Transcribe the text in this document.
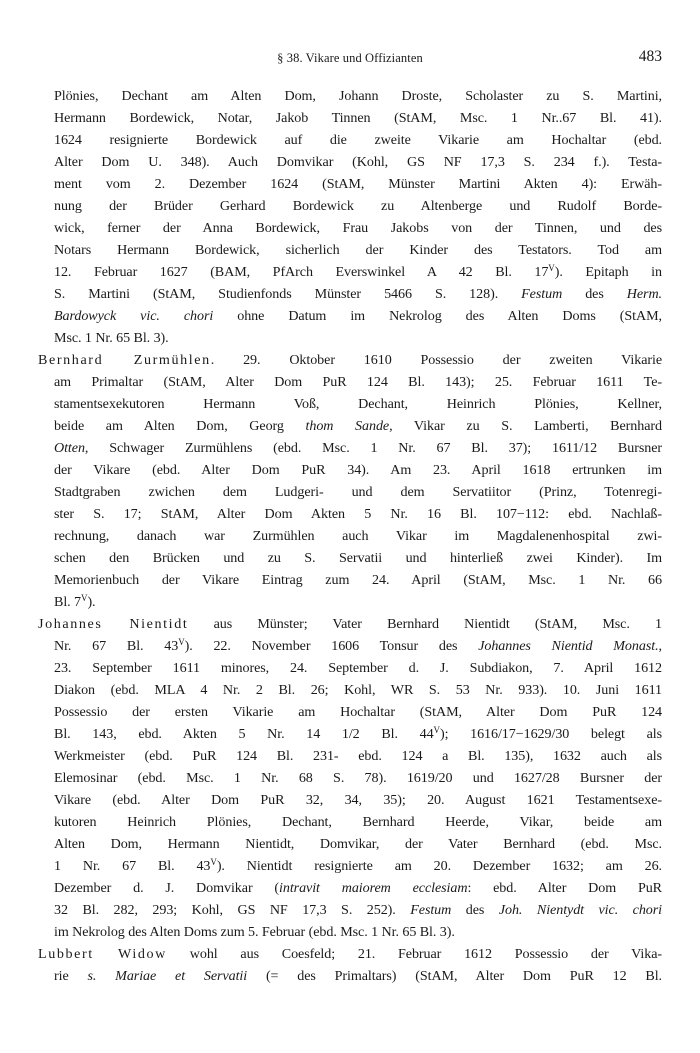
§ 38. Vikare und Offizianten	483
Plönies, Dechant am Alten Dom, Johann Droste, Scholaster zu S. Martini,
Hermann Bordewick, Notar, Jakob Tinnen (StAM, Msc. 1 Nr..67 Bl. 41).
1624 resignierte Bordewick auf die zweite Vikarie am Hochaltar (ebd.
Alter Dom U. 348). Auch Domvikar (Kohl, GS NF 17,3 S. 234 f.). Testa-
ment vom 2. Dezember 1624 (StAM, Münster Martini Akten 4): Erwäh-
nung der Brüder Gerhard Bordewick zu Altenberge und Rudolf Borde-
wick, ferner der Anna Bordewick, Frau Jakobs von der Tinnen, und des
Notars Hermann Bordewick, sicherlich der Kinder des Testators. Tod am
12. Februar 1627 (BAM, PfArch Everswinkel A 42 Bl. $17^V$). Epitaph in
S. Martini (StAM, Studienfonds Münster 5466 S. 128). Festum des Herm.
Bardowyck vic. chori ohne Datum im Nekrolog des Alten Doms (StAM,
Msc. 1 Nr. 65 Bl. 3).
Bernhard Zurmühlen. 29. Oktober 1610 Possessio der zweiten Vikarie
am Primaltar (StAM, Alter Dom PuR 124 Bl. 143); 25. Februar 1611 Te-
stamentsexekutoren Hermann Voß, Dechant, Heinrich Plönies, Kellner,
beide am Alten Dom, Georg thom Sande, Vikar zu S. Lamberti, Bernhard
Otten, Schwager Zurmühlens (ebd. Msc. 1 Nr. 67 Bl. 37); 1611/12 Bursner
der Vikare (ebd. Alter Dom PuR 34). Am 23. April 1618 ertrunken im
Stadtgraben zwichen dem Ludgeri- und dem Servatiitor (Prinz, Totenregi-
ster S. 17; StAM, Alter Dom Akten 5 Nr. 16 Bl. 107−112: ebd. Nachlaß-
rechnung, danach war Zurmühlen auch Vikar im Magdalenenhospital zwi-
schen den Brücken und zu S. Servatii und hinterließ zwei Kinder). Im
Memorienbuch der Vikare Eintrag zum 24. April (StAM, Msc. 1 Nr. 66
Bl. $7^V$).
Johannes Nientidt aus Münster; Vater Bernhard Nientidt (StAM, Msc. 1
Nr. 67 Bl. $43^V$). 22. November 1606 Tonsur des Johannes Nientid Monast.,
23. September 1611 minores, 24. September d. J. Subdiakon, 7. April 1612
Diakon (ebd. MLA 4 Nr. 2 Bl. 26; Kohl, WR S. 53 Nr. 933). 10. Juni 1611
Possessio der ersten Vikarie am Hochaltar (StAM, Alter Dom PuR 124
Bl. 143, ebd. Akten 5 Nr. 14 1/2 Bl. $44^V$); 1616/17−1629/30 belegt als
Werkmeister (ebd. PuR 124 Bl. 231- ebd. 124 a Bl. 135), 1632 auch als
Elemosinar (ebd. Msc. 1 Nr. 68 S. 78). 1619/20 und 1627/28 Bursner der
Vikare (ebd. Alter Dom PuR 32, 34, 35); 20. August 1621 Testamentsexe-
kutoren Heinrich Plönies, Dechant, Bernhard Heerde, Vikar, beide am
Alten Dom, Hermann Nientidt, Domvikar, der Vater Bernhard (ebd. Msc.
1 Nr. 67 Bl. $43^V$). Nientidt resignierte am 20. Dezember 1632; am 26.
Dezember d. J. Domvikar (intravit maiorem ecclesiam: ebd. Alter Dom PuR
32 Bl. 282, 293; Kohl, GS NF 17,3 S. 252). Festum des Joh. Nientydt vic. chori
im Nekrolog des Alten Doms zum 5. Februar (ebd. Msc. 1 Nr. 65 Bl. 3).
Lubbert Widow wohl aus Coesfeld; 21. Februar 1612 Possessio der Vika-
rie s. Mariae et Servatii (= des Primaltars) (StAM, Alter Dom PuR 12 Bl.
